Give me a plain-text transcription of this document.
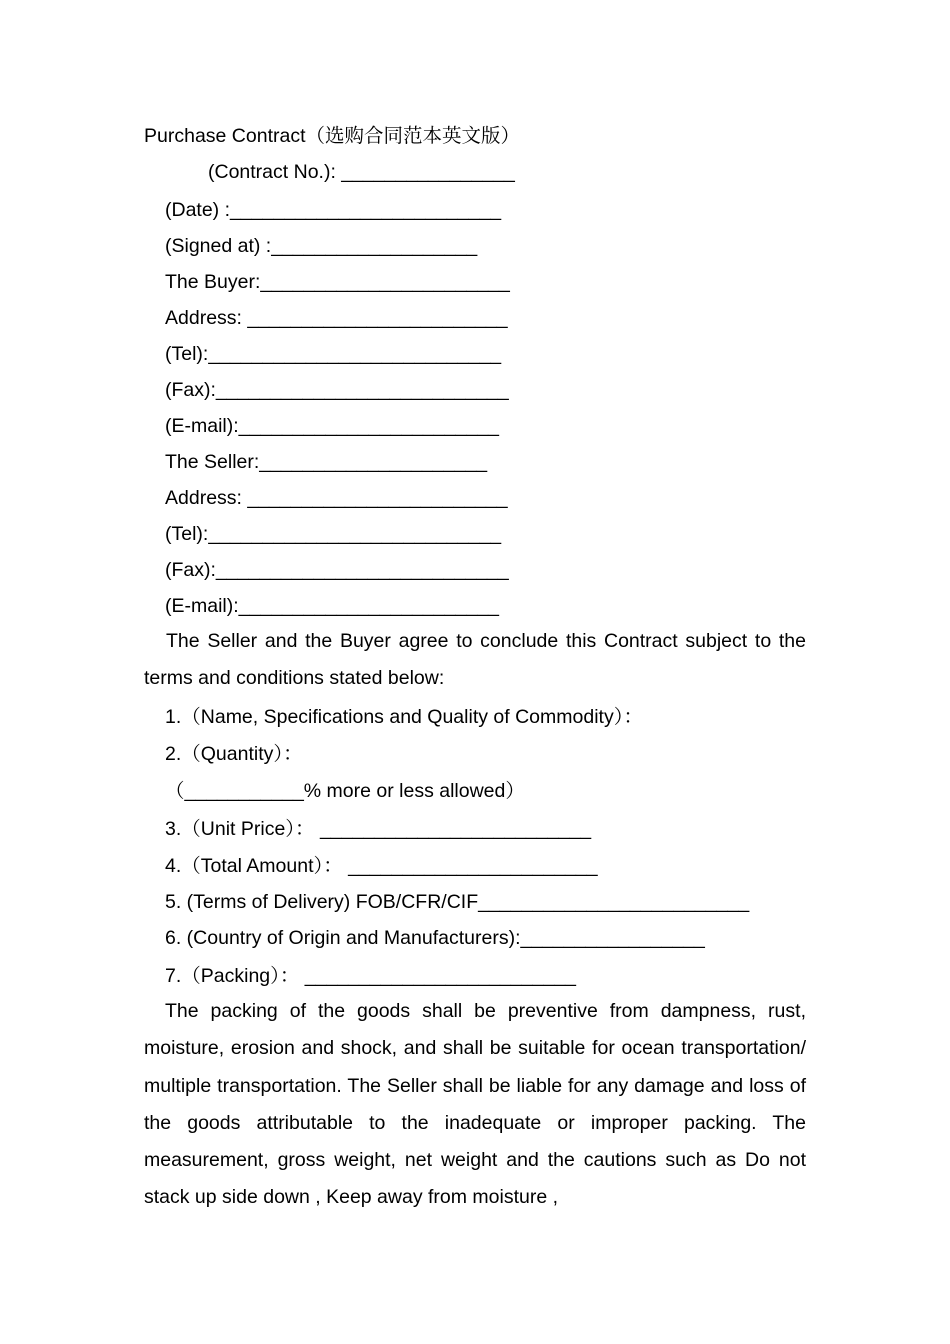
Purchase Contract（选购合同范本英文版）
(Contract No.): ________________
(Date) :_________________________
(Signed at) :___________________
The Buyer:_______________________
Address: ________________________
(Tel):___________________________
(Fax):___________________________
(E-mail):________________________
The Seller:_____________________
Address: ________________________
(Tel):___________________________
(Fax):___________________________
(E-mail):________________________
The Seller and the Buyer agree to conclude this Contract subject to the terms and conditions stated below:
1.（Name, Specifications and Quality of Commodity）：
2.（Quantity）：
（___________% more or less allowed）
3.（Unit Price）： _________________________
4.（Total Amount）： _______________________
5. (Terms of Delivery) FOB/CFR/CIF_________________________
6. (Country of Origin and Manufacturers):_________________
7.（Packing）： _________________________
The packing of the goods shall be preventive from dampness, rust, moisture, erosion and shock, and shall be suitable for ocean transportation/ multiple transportation. The Seller shall be liable for any damage and loss of the goods attributable to the inadequate or improper packing. The measurement, gross weight, net weight and the cautions such as Do not stack up side down , Keep away from moisture ,
